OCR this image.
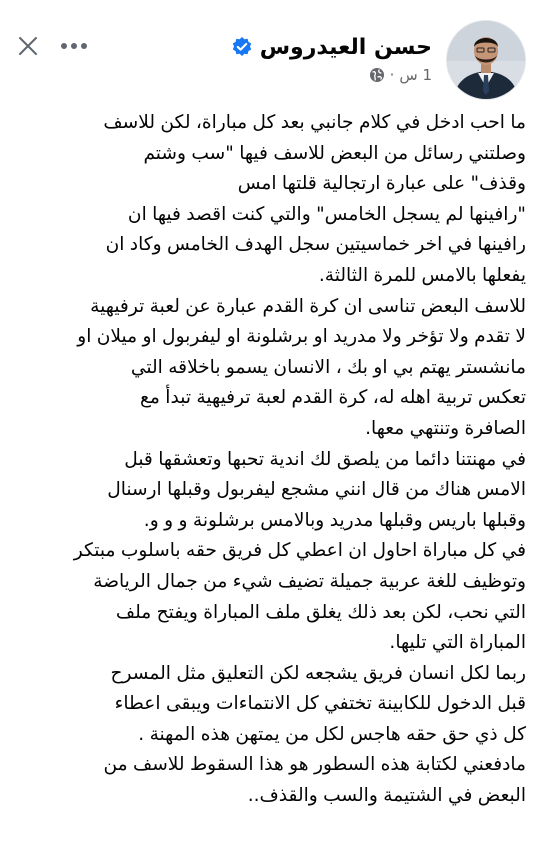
حسن العيدروس
1 س
·

ما احب ادخل في كلام جانبي بعد كل مباراة، لكن للاسف

وصلتني رسائل من البعض للاسف فيها "سب وشتم

وقذف" على عبارة ارتجالية قلتها امس

"رافينها لم يسجل الخامس" والتي كنت اقصد فيها ان

رافينها في اخر خماسيتين سجل الهدف الخامس وكاد ان

يفعلها بالامس للمرة الثالثة.

للاسف البعض تناسى ان كرة القدم عبارة عن لعبة ترفيهية

لا تقدم ولا تؤخر ولا مدريد او برشلونة او ليفربول او ميلان او

مانشستر يهتم بي او بك ، الانسان يسمو باخلاقه التي

تعكس تربية اهله له، كرة القدم لعبة ترفيهية تبدأ مع

الصافرة وتنتهي معها.

في مهنتنا دائما من يلصق لك اندية تحبها وتعشقها قبل

الامس هناك من قال انني مشجع ليفربول وقبلها ارسنال

وقبلها باريس وقبلها مدريد وبالامس برشلونة و و و.

في كل مباراة احاول ان اعطي كل فريق حقه باسلوب مبتكر

وتوظيف للغة عربية جميلة تضيف شيء من جمال الرياضة

التي نحب، لكن بعد ذلك يغلق ملف المباراة ويفتح ملف

المباراة التي تليها.

ربما لكل انسان فريق يشجعه لكن التعليق مثل المسرح

قبل الدخول للكابينة تختفي كل الانتماءات ويبقى اعطاء

كل ذي حق حقه هاجس لكل من يمتهن هذه المهنة .

مادفعني لكتابة هذه السطور هو هذا السقوط للاسف من

البعض في الشتيمة والسب والقذف..
